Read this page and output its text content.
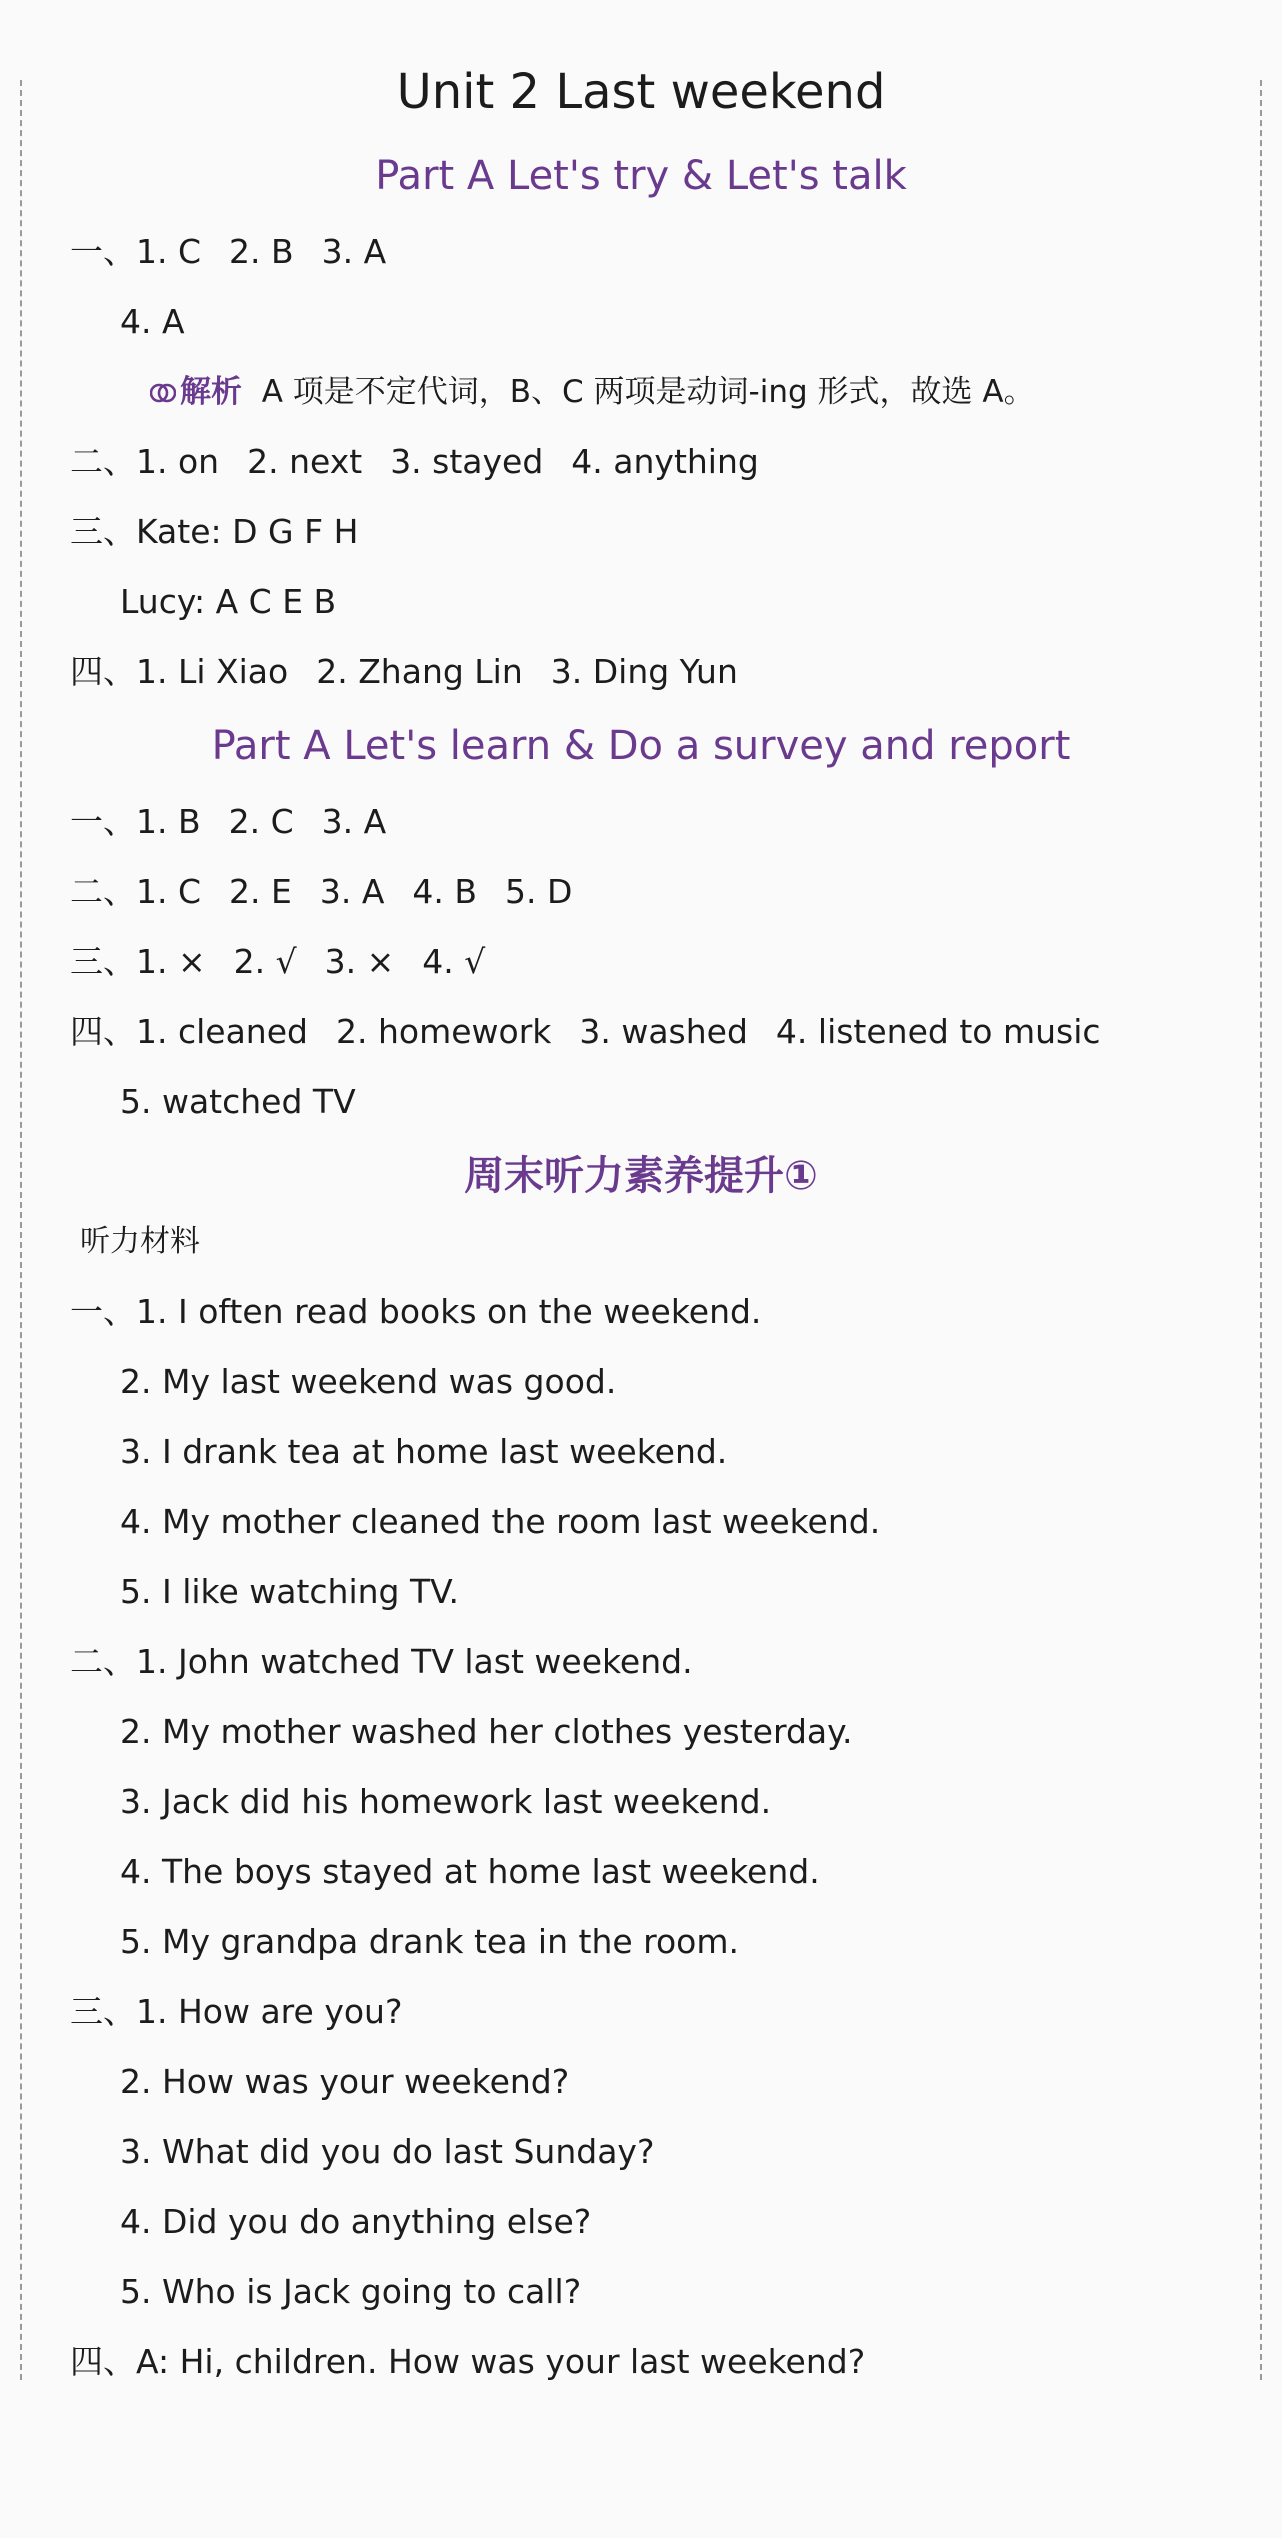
Unit 2 Last weekend
Part A Let's try & Let's talk
一、1. C 2. B 3. A
4. A
解析 A 项是不定代词，B、C 两项是动词-ing 形式，故选 A。
二、1. on 2. next 3. stayed 4. anything
三、Kate: D G F H
Lucy: A C E B
四、1. Li Xiao 2. Zhang Lin 3. Ding Yun
Part A Let's learn & Do a survey and report
一、1. B 2. C 3. A
二、1. C 2. E 3. A 4. B 5. D
三、1. × 2. √ 3. × 4. √
四、1. cleaned 2. homework 3. washed 4. listened to music
5. watched TV
周末听力素养提升①
听力材料
一、1. I often read books on the weekend.
2. My last weekend was good.
3. I drank tea at home last weekend.
4. My mother cleaned the room last weekend.
5. I like watching TV.
二、1. John watched TV last weekend.
2. My mother washed her clothes yesterday.
3. Jack did his homework last weekend.
4. The boys stayed at home last weekend.
5. My grandpa drank tea in the room.
三、1. How are you?
2. How was your weekend?
3. What did you do last Sunday?
4. Did you do anything else?
5. Who is Jack going to call?
四、A: Hi, children. How was your last weekend?
